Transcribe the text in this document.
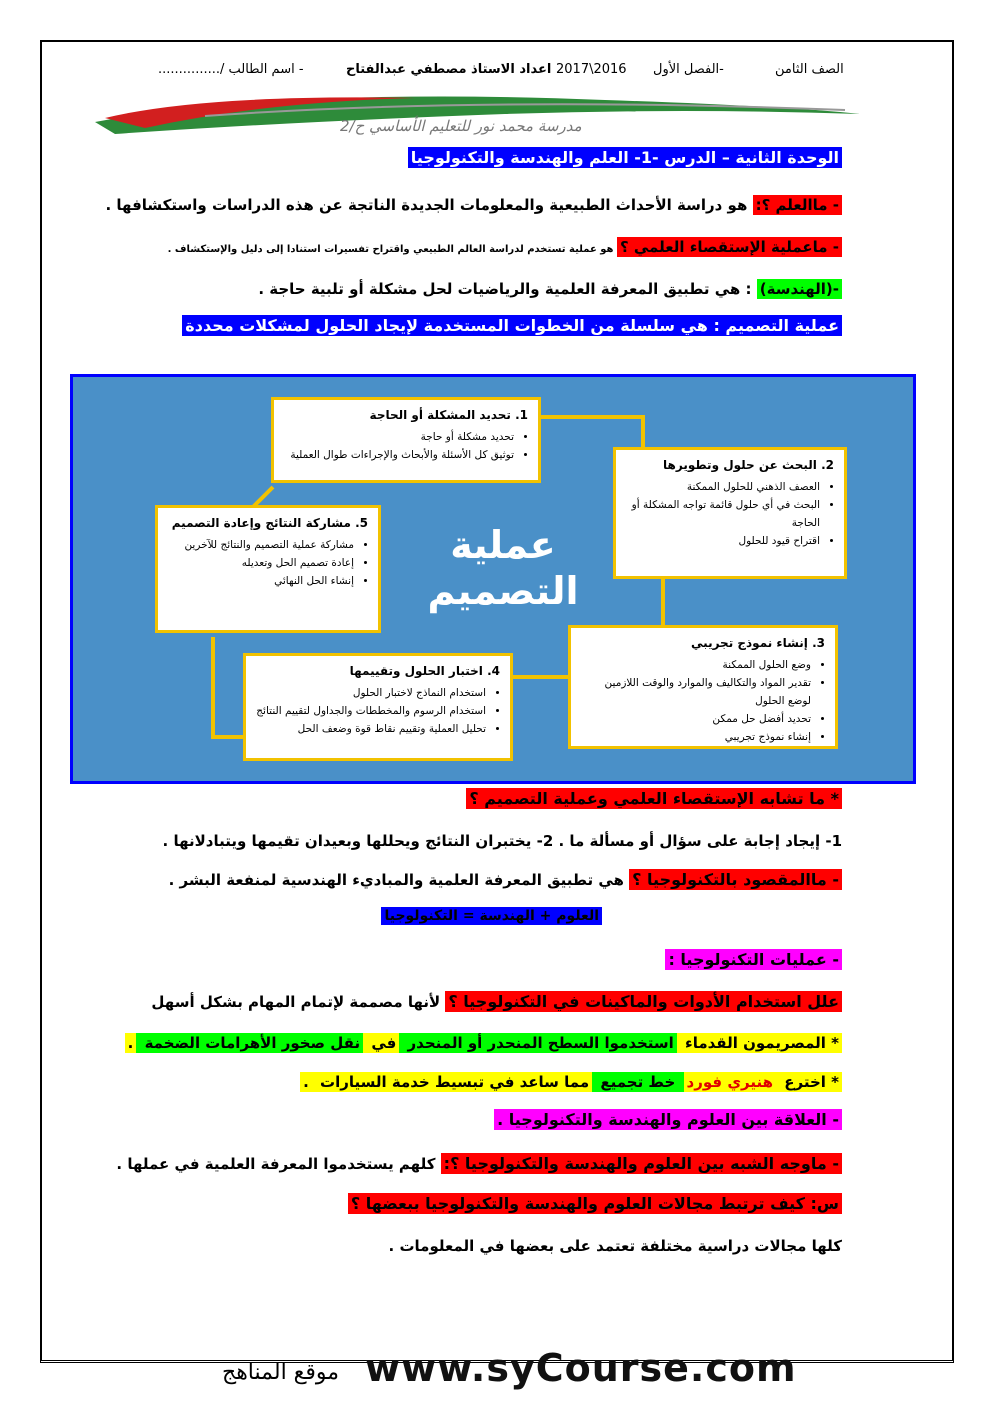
الصف الثامن
الفصل الأول-
2017\2016
اعداد الاستاذ مصطفي عبدالفتاح
- اسم الطالب /...............
مدرسة محمد نور للتعليم الأساسي ح/2
الوحدة الثانية – الدرس -1- العلم والهندسة والتكنولوجيا
- ماالعلم ؟: هو دراسة الأحداث الطبيعية والمعلومات الجديدة الناتجة عن هذه الدراسات واستكشافها .
- ماعملية الإستقصاء العلمي ؟ هو عملية تستخدم لدراسة العالم الطبيعي واقتراح تفسيرات استنادا إلى دليل والإستكشاف .
-(الهندسة) : هي تطبيق المعرفة العلمية والرياضيات لحل مشكلة أو تلبية حاجة .
عملية التصميم : هي سلسلة من الخطوات المستخدمة لإيجاد الحلول لمشكلات محددة
عملية التصميم
1. تحديد المشكلة أو الحاجة
• تحديد مشكلة أو حاجة
• توثيق كل الأسئلة والأبحاث والإجراءات طوال العملية
2. البحث عن حلول وتطويرها
• العصف الذهني للحلول الممكنة
• البحث في أي حلول قائمة تواجه المشكلة أو الحاجة
• اقتراح قيود للحلول
3. إنشاء نموذج تجريبي
• وضع الحلول الممكنة
• تقدير المواد والتكاليف والموارد والوقت اللازمين لوضع الحلول
• تحديد أفضل حل ممكن
• إنشاء نموذج تجريبي
4. اختبار الحلول وتقييمها
• استخدام النماذج لاختبار الحلول
• استخدام الرسوم والمخططات والجداول لتقييم النتائج
• تحليل العملية وتقييم نقاط قوة وضعف الحل
5. مشاركة النتائج وإعادة التصميم
• مشاركة عملية التصميم والنتائج للآخرين
• إعادة تصميم الحل وتعديله
• إنشاء الحل النهائي
* ما تشابه الإستقصاء العلمي وعملية التصميم ؟
1- إيجاد إجابة على سؤال أو مسألة ما . 2- يختبران النتائج ويحللها وبعيدان تقيمها ويتبادلانها .
- ماالمقصود بالتكنولوجيا ؟ هي تطبيق المعرفة العلمية والمباديء الهندسية لمنفعة البشر .
العلوم + الهندسة = التكنولوجيا
- عمليات التكنولوجيا :
علل استخدام الأدوات والماكينات في التكنولوجيا ؟ لأنها مصممة لإتمام المهام بشكل أسهل
* المصريمون القدماء استخدموا السطح المنحدر أو المنحدر في نقل صخور الأهرامات الضخمة .
* اخترع هنيري فورد خط تجميع مما ساعد في تبسيط خدمة السيارات .
- العلاقة بين العلوم والهندسة والتكنولوجيا .
- ماوجه الشبه بين العلوم والهندسة والتكنولوجيا ؟: كلهم يستخدموا المعرفة العلمية في عملها .
س: كيف ترتبط مجالات العلوم والهندسة والتكنولوجيا ببعضها ؟
كلها مجالات دراسية مختلفة تعتمد على بعضها في المعلومات .
www.syCourse.com
موقع المناهج
